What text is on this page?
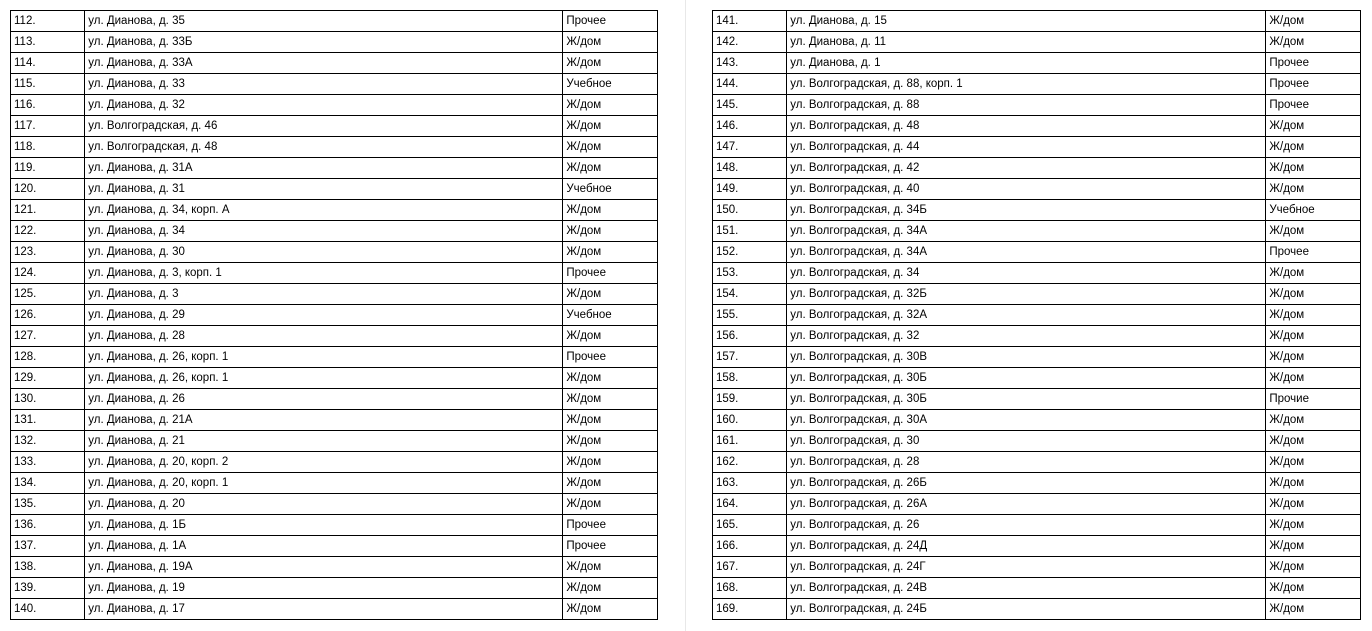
112.	ул. Дианова, д. 35	Прочее
113.	ул. Дианова, д. 33Б	Ж/дом
114.	ул. Дианова, д. 33А	Ж/дом
115.	ул. Дианова, д. 33	Учебное
116.	ул. Дианова, д. 32	Ж/дом
117.	ул. Волгоградская, д. 46	Ж/дом
118.	ул. Волгоградская, д. 48	Ж/дом
119.	ул. Дианова, д. 31А	Ж/дом
120.	ул. Дианова, д. 31	Учебное
121.	ул. Дианова, д. 34, корп. А	Ж/дом
122.	ул. Дианова, д. 34	Ж/дом
123.	ул. Дианова, д. 30	Ж/дом
124.	ул. Дианова, д. 3, корп. 1	Прочее
125.	ул. Дианова, д. 3	Ж/дом
126.	ул. Дианова, д. 29	Учебное
127.	ул. Дианова, д. 28	Ж/дом
128.	ул. Дианова, д. 26, корп. 1	Прочее
129.	ул. Дианова, д. 26, корп. 1	Ж/дом
130.	ул. Дианова, д. 26	Ж/дом
131.	ул. Дианова, д. 21А	Ж/дом
132.	ул. Дианова, д. 21	Ж/дом
133.	ул. Дианова, д. 20, корп. 2	Ж/дом
134.	ул. Дианова, д. 20, корп. 1	Ж/дом
135.	ул. Дианова, д. 20	Ж/дом
136.	ул. Дианова, д. 1Б	Прочее
137.	ул. Дианова, д. 1А	Прочее
138.	ул. Дианова, д. 19А	Ж/дом
139.	ул. Дианова, д. 19	Ж/дом
140.	ул. Дианова, д. 17	Ж/дом
141.	ул. Дианова, д. 15	Ж/дом
142.	ул. Дианова, д. 11	Ж/дом
143.	ул. Дианова, д. 1	Прочее
144.	ул. Волгоградская, д. 88, корп. 1	Прочее
145.	ул. Волгоградская, д. 88	Прочее
146.	ул. Волгоградская, д. 48	Ж/дом
147.	ул. Волгоградская, д. 44	Ж/дом
148.	ул. Волгоградская, д. 42	Ж/дом
149.	ул. Волгоградская, д. 40	Ж/дом
150.	ул. Волгоградская, д. 34Б	Учебное
151.	ул. Волгоградская, д. 34А	Ж/дом
152.	ул. Волгоградская, д. 34А	Прочее
153.	ул. Волгоградская, д. 34	Ж/дом
154.	ул. Волгоградская, д. 32Б	Ж/дом
155.	ул. Волгоградская, д. 32А	Ж/дом
156.	ул. Волгоградская, д. 32	Ж/дом
157.	ул. Волгоградская, д. 30В	Ж/дом
158.	ул. Волгоградская, д. 30Б	Ж/дом
159.	ул. Волгоградская, д. 30Б	Прочие
160.	ул. Волгоградская, д. 30А	Ж/дом
161.	ул. Волгоградская, д. 30	Ж/дом
162.	ул. Волгоградская, д. 28	Ж/дом
163.	ул. Волгоградская, д. 26Б	Ж/дом
164.	ул. Волгоградская, д. 26А	Ж/дом
165.	ул. Волгоградская, д. 26	Ж/дом
166.	ул. Волгоградская, д. 24Д	Ж/дом
167.	ул. Волгоградская, д. 24Г	Ж/дом
168.	ул. Волгоградская, д. 24В	Ж/дом
169.	ул. Волгоградская, д. 24Б	Ж/дом
